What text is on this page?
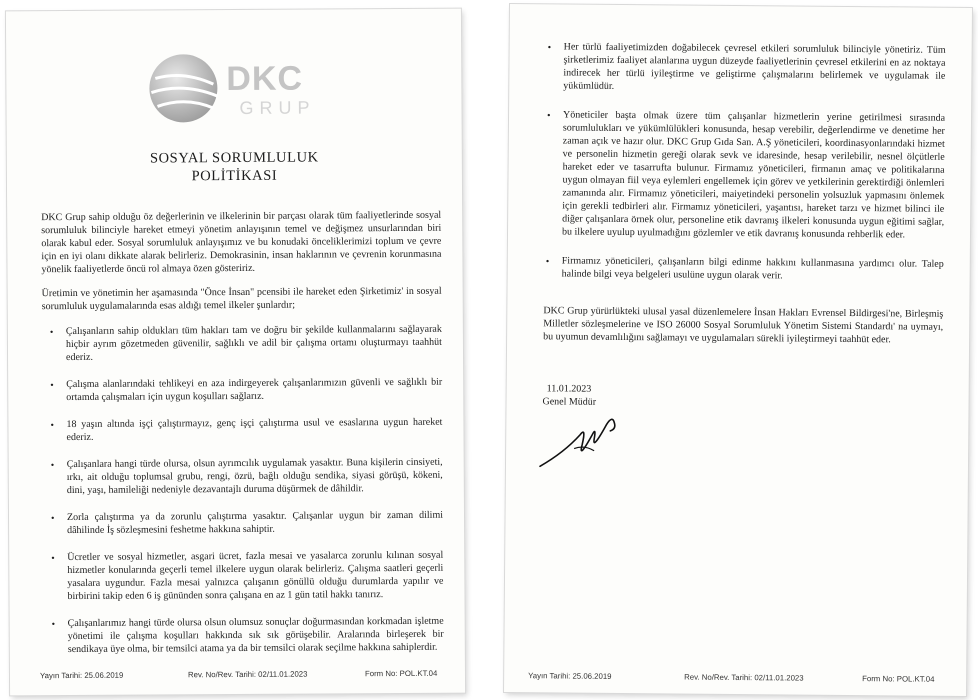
DKC
GRUP
SOSYAL SORUMLULUK
POLİTİKASI
DKC Grup sahip olduğu öz değerlerinin ve ilkelerinin bir parçası olarak tüm faaliyetlerinde sosyal sorumluluk bilinciyle hareket etmeyi yönetim anlayışının temel ve değişmez unsurlarından biri olarak kabul eder. Sosyal sorumluluk anlayışımız ve bu konudaki önceliklerimizi toplum ve çevre için en iyi olanı dikkate alarak belirleriz. Demokrasinin, insan haklarının ve çevrenin korunmasına yönelik faaliyetlerde öncü rol almaya özen gösteririz.
Üretimin ve yönetimin her aşamasında "Önce İnsan" pcensibi ile hareket eden Şirketimiz' in sosyal sorumluluk uygulamalarında esas aldığı temel ilkeler şunlardır;
• Çalışanların sahip oldukları tüm hakları tam ve doğru bir şekilde kullanmalarını sağlayarak hiçbir ayrım gözetmeden güvenilir, sağlıklı ve adil bir çalışma ortamı oluşturmayı taahhüt ederiz.
• Çalışma alanlarındaki tehlikeyi en aza indirgeyerek çalışanlarımızın güvenli ve sağlıklı bir ortamda çalışmaları için uygun koşulları sağlarız.
• 18 yaşın altında işçi çalıştırmayız, genç işçi çalıştırma usul ve esaslarına uygun hareket ederiz.
• Çalışanlara hangi türde olursa, olsun ayrımcılık uygulamak yasaktır. Buna kişilerin cinsiyeti, ırkı, ait olduğu toplumsal grubu, rengi, özrü, bağlı olduğu sendika, siyasi görüşü, kökeni, dini, yaşı, hamileliği nedeniyle dezavantajlı duruma düşürmek de dâhildir.
• Zorla çalıştırma ya da zorunlu çalıştırma yasaktır. Çalışanlar uygun bir zaman dilimi dâhilinde İş sözleşmesini feshetme hakkına sahiptir.
• Ücretler ve sosyal hizmetler, asgari ücret, fazla mesai ve yasalarca zorunlu kılınan sosyal hizmetler konularında geçerli temel ilkelere uygun olarak belirleriz. Çalışma saatleri geçerli yasalara uygundur. Fazla mesai yalnızca çalışanın gönüllü olduğu durumlarda yapılır ve birbirini takip eden 6 iş gününden sonra çalışana en az 1 gün tatil hakkı tanırız.
• Çalışanlarımız hangi türde olursa olsun olumsuz sonuçlar doğurmasından korkmadan işletme yönetimi ile çalışma koşulları hakkında sık sık görüşebilir. Aralarında birleşerek bir sendikaya üye olma, bir temsilci atama ya da bir temsilci olarak seçilme hakkına sahiplerdir.
Yayın Tarihi: 25.06.2019	Rev. No/Rev. Tarihi: 02/11.01.2023	Form No: POL.KT.04
• Her türlü faaliyetimizden doğabilecek çevresel etkileri sorumluluk bilinciyle yönetiriz. Tüm şirketlerimiz faaliyet alanlarına uygun düzeyde faaliyetlerinin çevresel etkilerini en az noktaya indirecek her türlü iyileştirme ve geliştirme çalışmalarını belirlemek ve uygulamak ile yükümlüdür.
• Yöneticiler başta olmak üzere tüm çalışanlar hizmetlerin yerine getirilmesi sırasında sorumlulukları ve yükümlülükleri konusunda, hesap verebilir, değerlendirme ve denetime her zaman açık ve hazır olur. DKC Grup Gıda San. A.Ş yöneticileri, koordinasyonlarındaki hizmet ve personelin hizmetin gereği olarak sevk ve idaresinde, hesap verilebilir, nesnel ölçütlerle hareket eder ve tasarrufta bulunur. Firmamız yöneticileri, firmanın amaç ve politikalarına uygun olmayan fiil veya eylemleri engellemek için görev ve yetkilerinin gerektirdiği önlemleri zamanında alır. Firmamız yöneticileri, maiyetindeki personelin yolsuzluk yapmasını önlemek için gerekli tedbirleri alır. Firmamız yöneticileri, yaşantısı, hareket tarzı ve hizmet bilinci ile diğer çalışanlara örnek olur, personeline etik davranış ilkeleri konusunda uygun eğitimi sağlar, bu ilkelere uyulup uyulmadığını gözlemler ve etik davranış konusunda rehberlik eder.
• Firmamız yöneticileri, çalışanların bilgi edinme hakkını kullanmasına yardımcı olur. Talep halinde bilgi veya belgeleri usulüne uygun olarak verir.
DKC Grup yürürlükteki ulusal yasal düzenlemelere İnsan Hakları Evrensel Bildirgesi'ne, Birleşmiş Milletler sözleşmelerine ve ISO 26000 Sosyal Sorumluluk Yönetim Sistemi Standardı' na uymayı, bu uyumun devamlılığını sağlamayı ve uygulamaları sürekli iyileştirmeyi taahhüt eder.
11.01.2023
Genel Müdür
Yayın Tarihi: 25.06.2019	Rev. No/Rev. Tarihi: 02/11.01.2023	Form No: POL.KT.04
